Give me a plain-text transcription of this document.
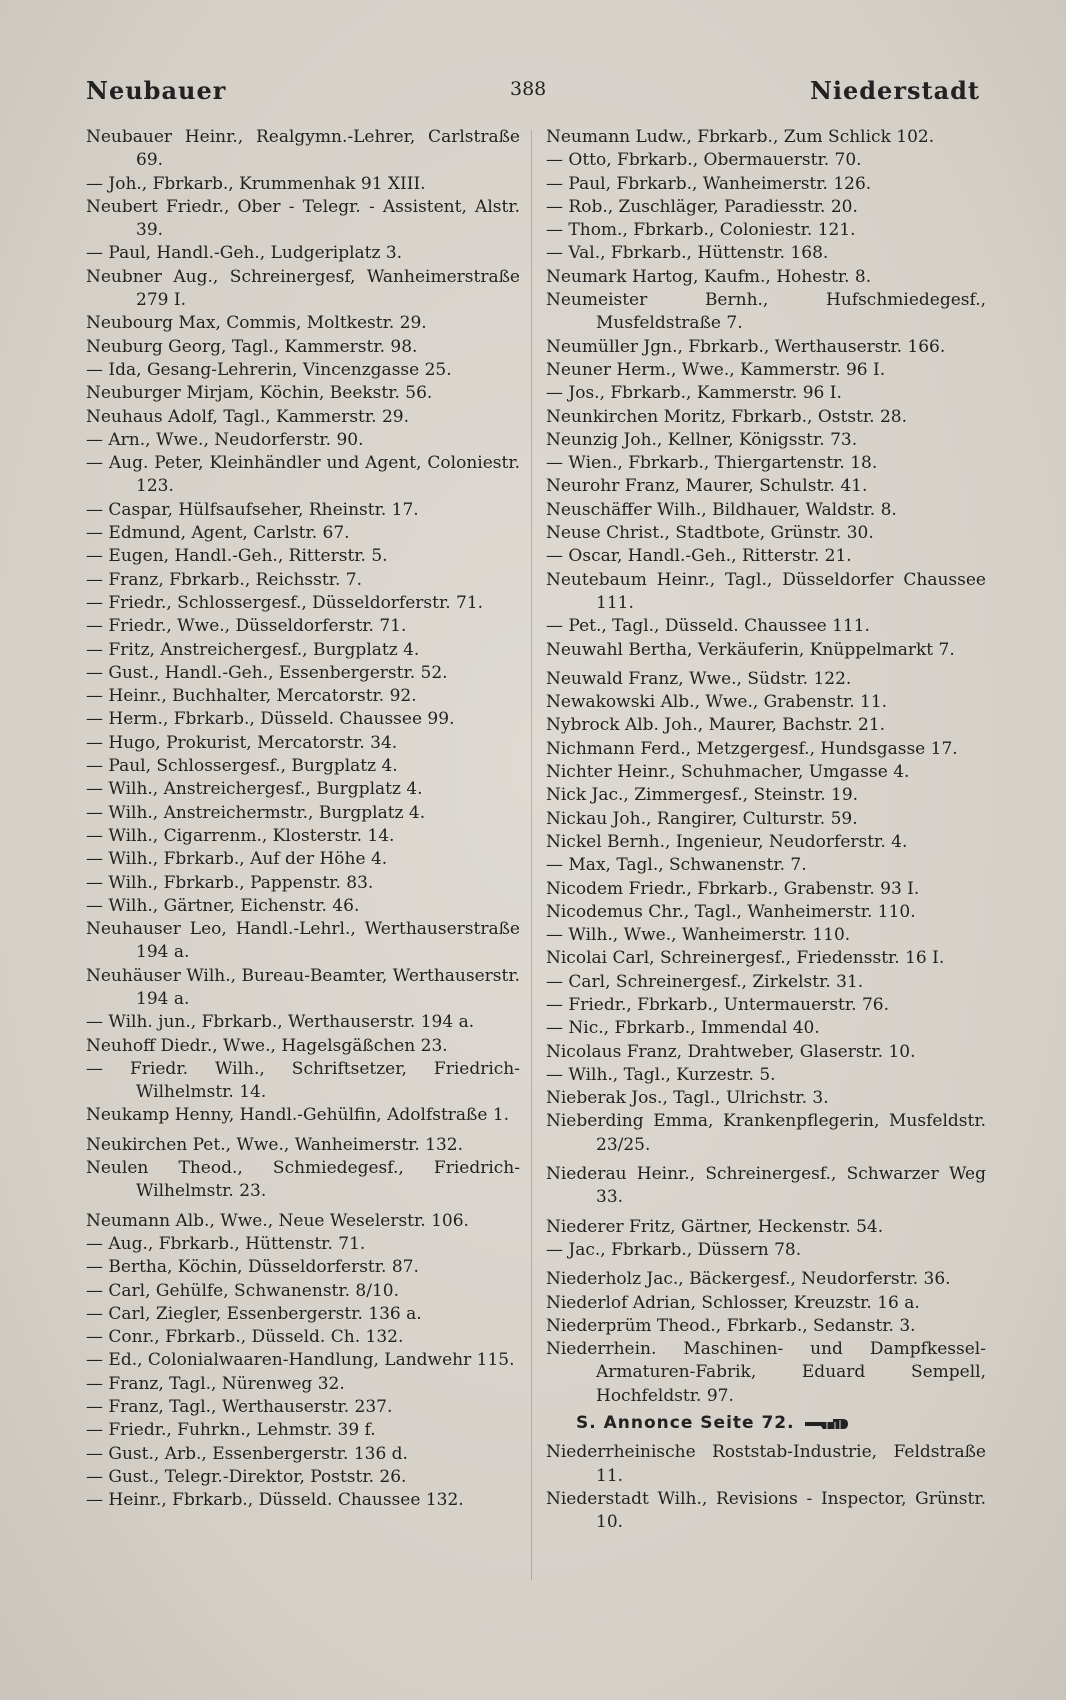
Neubauer	388	Niederstadt
Neubauer Heinr., Realgymn.-Lehrer, Carlstraße 69.
— Joh., Fbrkarb., Krummenhak 91 XIII.
Neubert Friedr., Ober - Telegr. - Assistent, Alstr. 39.
— Paul, Handl.-Geh., Ludgeriplatz 3.
Neubner Aug., Schreinergesf, Wanheimerstraße 279 I.
Neubourg Max, Commis, Moltkestr. 29.
Neuburg Georg, Tagl., Kammerstr. 98.
— Ida, Gesang-Lehrerin, Vincenzgasse 25.
Neuburger Mirjam, Köchin, Beekstr. 56.
Neuhaus Adolf, Tagl., Kammerstr. 29.
— Arn., Wwe., Neudorferstr. 90.
— Aug. Peter, Kleinhändler und Agent, Coloniestr. 123.
— Caspar, Hülfsaufseher, Rheinstr. 17.
— Edmund, Agent, Carlstr. 67.
— Eugen, Handl.-Geh., Ritterstr. 5.
— Franz, Fbrkarb., Reichsstr. 7.
— Friedr., Schlossergesf., Düsseldorferstr. 71.
— Friedr., Wwe., Düsseldorferstr. 71.
— Fritz, Anstreichergesf., Burgplatz 4.
— Gust., Handl.-Geh., Essenbergerstr. 52.
— Heinr., Buchhalter, Mercatorstr. 92.
— Herm., Fbrkarb., Düsseld. Chaussee 99.
— Hugo, Prokurist, Mercatorstr. 34.
— Paul, Schlossergesf., Burgplatz 4.
— Wilh., Anstreichergesf., Burgplatz 4.
— Wilh., Anstreichermstr., Burgplatz 4.
— Wilh., Cigarrenm., Klosterstr. 14.
— Wilh., Fbrkarb., Auf der Höhe 4.
— Wilh., Fbrkarb., Pappenstr. 83.
— Wilh., Gärtner, Eichenstr. 46.
Neuhauser Leo, Handl.-Lehrl., Werthauserstraße 194 a.
Neuhäuser Wilh., Bureau-Beamter, Werthauserstr. 194 a.
— Wilh. jun., Fbrkarb., Werthauserstr. 194 a.
Neuhoff Diedr., Wwe., Hagelsgäßchen 23.
— Friedr. Wilh., Schriftsetzer, Friedrich-Wilhelmstr. 14.
Neukamp Henny, Handl.-Gehülfin, Adolfstraße 1.
Neukirchen Pet., Wwe., Wanheimerstr. 132.
Neulen Theod., Schmiedegesf., Friedrich-Wilhelmstr. 23.
Neumann Alb., Wwe., Neue Weselerstr. 106.
— Aug., Fbrkarb., Hüttenstr. 71.
— Bertha, Köchin, Düsseldorferstr. 87.
— Carl, Gehülfe, Schwanenstr. 8/10.
— Carl, Ziegler, Essenbergerstr. 136 a.
— Conr., Fbrkarb., Düsseld. Ch. 132.
— Ed., Colonialwaaren-Handlung, Landwehr 115.
— Franz, Tagl., Nürenweg 32.
— Franz, Tagl., Werthauserstr. 237.
— Friedr., Fuhrkn., Lehmstr. 39 f.
— Gust., Arb., Essenbergerstr. 136 d.
— Gust., Telegr.-Direktor, Poststr. 26.
— Heinr., Fbrkarb., Düsseld. Chaussee 132.
Neumann Ludw., Fbrkarb., Zum Schlick 102.
— Otto, Fbrkarb., Obermauerstr. 70.
— Paul, Fbrkarb., Wanheimerstr. 126.
— Rob., Zuschläger, Paradiesstr. 20.
— Thom., Fbrkarb., Coloniestr. 121.
— Val., Fbrkarb., Hüttenstr. 168.
Neumark Hartog, Kaufm., Hohestr. 8.
Neumeister Bernh., Hufschmiedegesf., Musfeldstraße 7.
Neumüller Jgn., Fbrkarb., Werthauserstr. 166.
Neuner Herm., Wwe., Kammerstr. 96 I.
— Jos., Fbrkarb., Kammerstr. 96 I.
Neunkirchen Moritz, Fbrkarb., Oststr. 28.
Neunzig Joh., Kellner, Königsstr. 73.
— Wien., Fbrkarb., Thiergartenstr. 18.
Neurohr Franz, Maurer, Schulstr. 41.
Neuschäffer Wilh., Bildhauer, Waldstr. 8.
Neuse Christ., Stadtbote, Grünstr. 30.
— Oscar, Handl.-Geh., Ritterstr. 21.
Neutebaum Heinr., Tagl., Düsseldorfer Chaussee 111.
— Pet., Tagl., Düsseld. Chaussee 111.
Neuwahl Bertha, Verkäuferin, Knüppelmarkt 7.
Neuwald Franz, Wwe., Südstr. 122.
Newakowski Alb., Wwe., Grabenstr. 11.
Nybrock Alb. Joh., Maurer, Bachstr. 21.
Nichmann Ferd., Metzgergesf., Hundsgasse 17.
Nichter Heinr., Schuhmacher, Umgasse 4.
Nick Jac., Zimmergesf., Steinstr. 19.
Nickau Joh., Rangirer, Culturstr. 59.
Nickel Bernh., Ingenieur, Neudorferstr. 4.
— Max, Tagl., Schwanenstr. 7.
Nicodem Friedr., Fbrkarb., Grabenstr. 93 I.
Nicodemus Chr., Tagl., Wanheimerstr. 110.
— Wilh., Wwe., Wanheimerstr. 110.
Nicolai Carl, Schreinergesf., Friedensstr. 16 I.
— Carl, Schreinergesf., Zirkelstr. 31.
— Friedr., Fbrkarb., Untermauerstr. 76.
— Nic., Fbrkarb., Immendal 40.
Nicolaus Franz, Drahtweber, Glaserstr. 10.
— Wilh., Tagl., Kurzestr. 5.
Nieberak Jos., Tagl., Ulrichstr. 3.
Nieberding Emma, Krankenpflegerin, Musfeldstr. 23/25.
Niederau Heinr., Schreinergesf., Schwarzer Weg 33.
Niederer Fritz, Gärtner, Heckenstr. 54.
— Jac., Fbrkarb., Düssern 78.
Niederholz Jac., Bäckergesf., Neudorferstr. 36.
Niederlof Adrian, Schlosser, Kreuzstr. 16 a.
Niederprüm Theod., Fbrkarb., Sedanstr. 3.
Niederrhein. Maschinen- und Dampfkessel-Armaturen-Fabrik, Eduard Sempell, Hochfeldstr. 97.
S. Annonce Seite 72.
Niederrheinische Roststab-Industrie, Feldstraße 11.
Niederstadt Wilh., Revisions - Inspector, Grünstr. 10.
